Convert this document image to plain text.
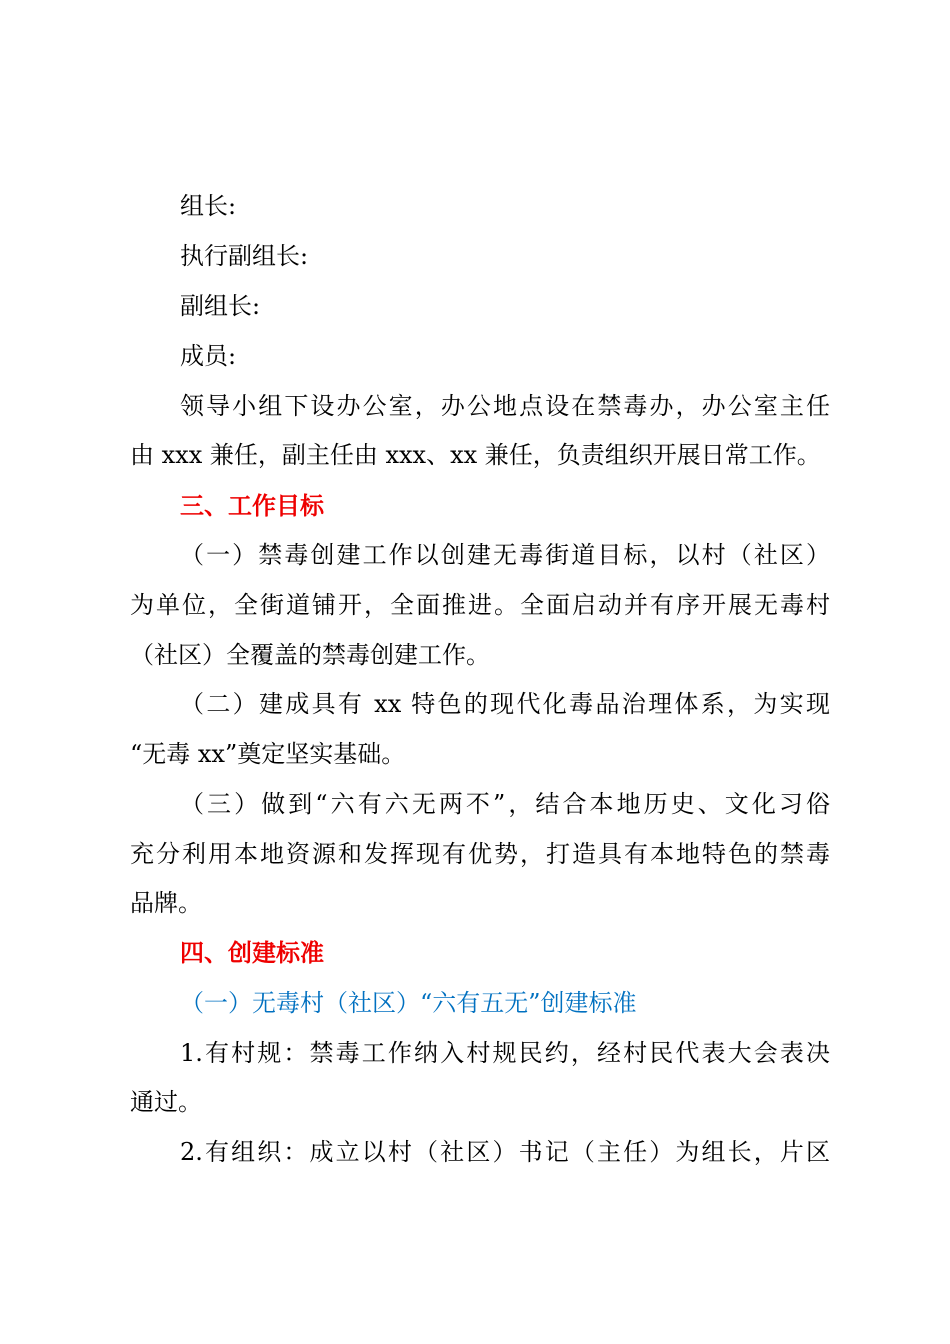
组长:
执行副组长:
副组长:
成员:
领导小组下设办公室，办公地点设在禁毒办，办公室主任
由 xxx 兼任，副主任由 xxx、xx 兼任，负责组织开展日常工作。
三、工作目标
（一）禁毒创建工作以创建无毒街道目标，以村（社区）
为单位，全街道铺开，全面推进。全面启动并有序开展无毒村
（社区）全覆盖的禁毒创建工作。
（二）建成具有 xx 特色的现代化毒品治理体系，为实现
“无毒 xx”奠定坚实基础。
（三）做到“六有六无两不”，结合本地历史、文化习俗
充分利用本地资源和发挥现有优势，打造具有本地特色的禁毒
品牌。
四、创建标准
（一）无毒村（社区）“六有五无”创建标准
1.有村规：禁毒工作纳入村规民约，经村民代表大会表决
通过。
2.有组织：成立以村（社区）书记（主任）为组长，片区
